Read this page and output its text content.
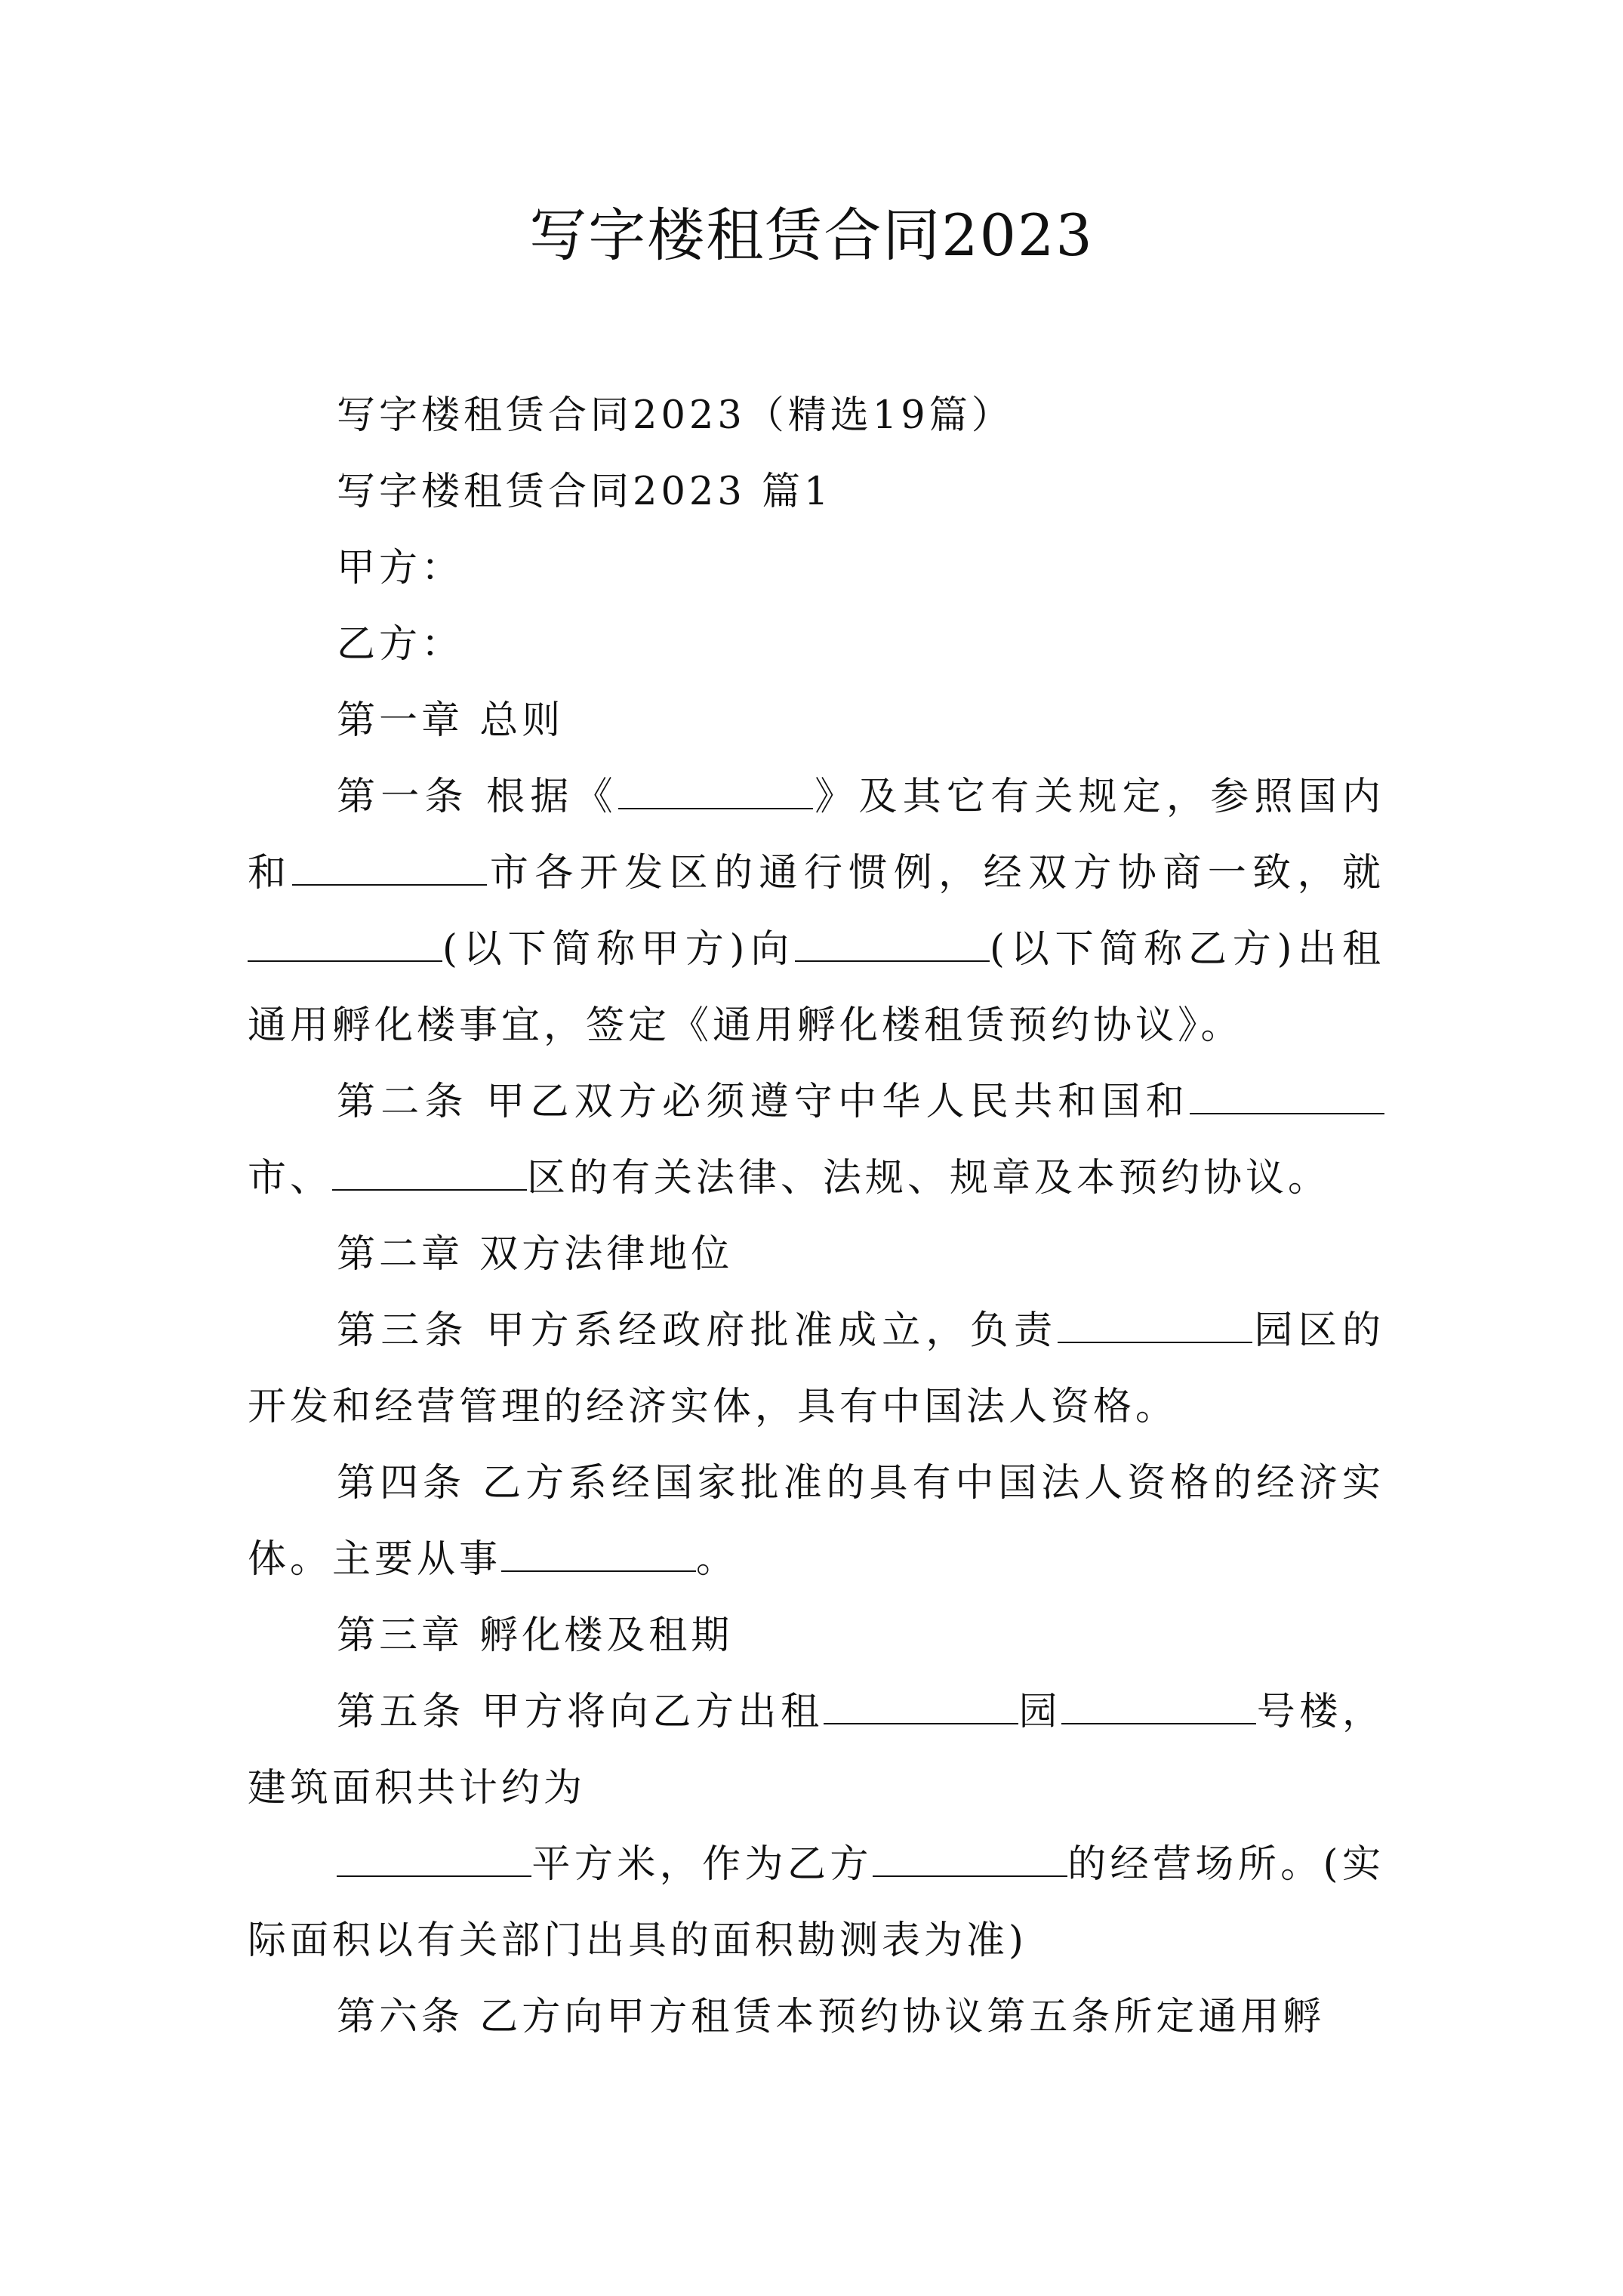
写字楼租赁合同2023

写字楼租赁合同2023（精选19篇）

写字楼租赁合同2023 篇1

甲方：

乙方：

第一章 总则

第一条 根据《	》及其它有关规定，参照国内和	市各开发区的通行惯例，经双方协商一致，就(以下简称甲方)向	(以下简称乙方)出租通用孵化楼事宜，签定《通用孵化楼租赁预约协议》。

第二条 甲乙双方必须遵守中华人民共和国和市、	区的有关法律、法规、规章及本预约协议。

第二章 双方法律地位

第三条 甲方系经政府批准成立，负责	园区的开发和经营管理的经济实体，具有中国法人资格。

第四条 乙方系经国家批准的具有中国法人资格的经济实体。主要从事	。

第三章 孵化楼及租期

第五条 甲方将向乙方出租	园	号楼，建筑面积共计约为

平方米，作为乙方	的经营场所。(实际面积以有关部门出具的面积勘测表为准)

第六条 乙方向甲方租赁本预约协议第五条所定通用孵
